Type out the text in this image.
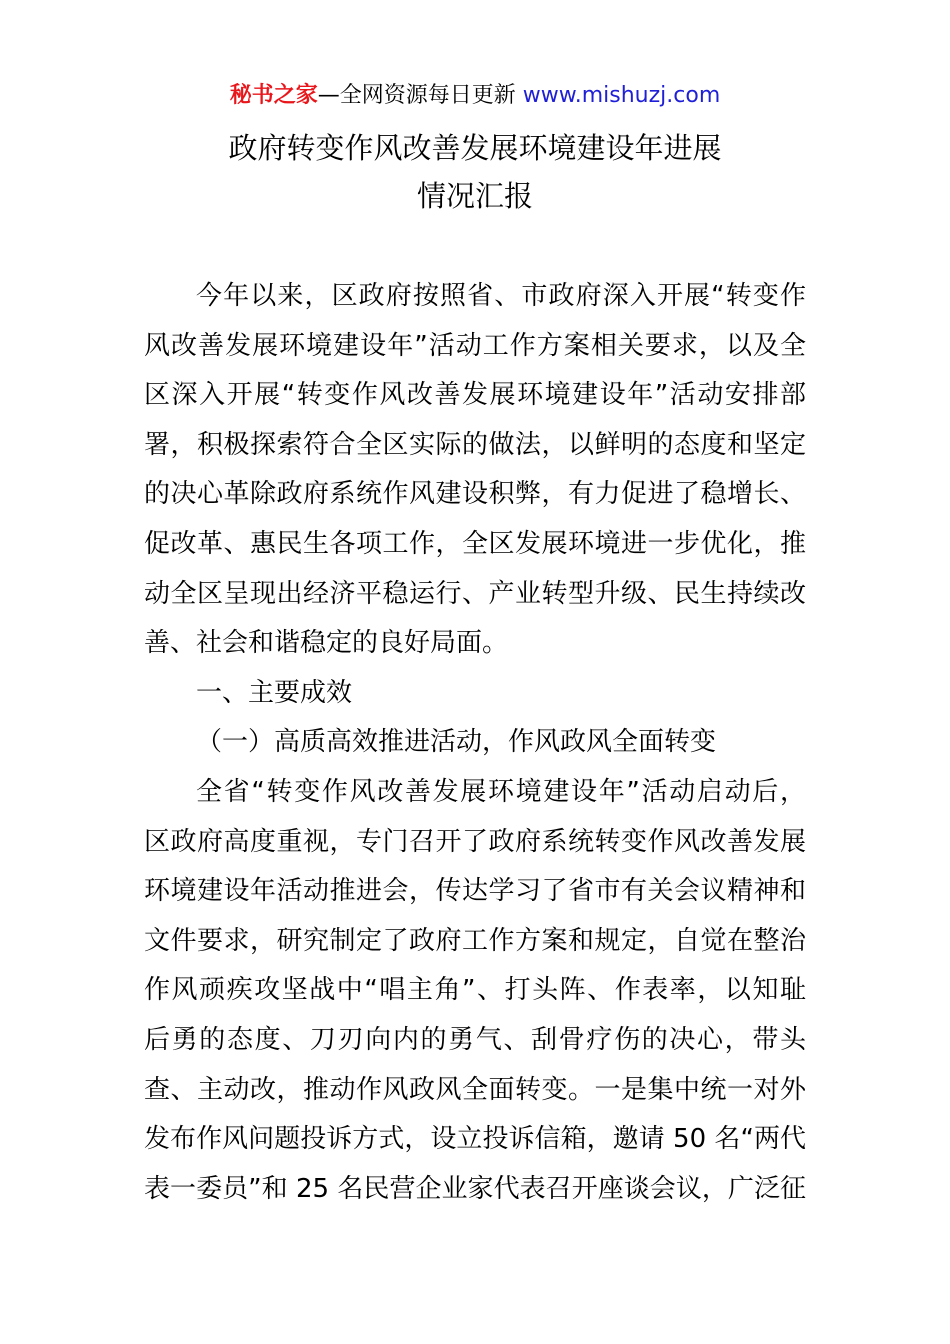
秘书之家—全网资源每日更新 www.mishuzj.com
政府转变作风改善发展环境建设年进展
情况汇报
今年以来，区政府按照省、市政府深入开展“转变作
风改善发展环境建设年”活动工作方案相关要求，以及全
区深入开展“转变作风改善发展环境建设年”活动安排部
署，积极探索符合全区实际的做法，以鲜明的态度和坚定
的决心革除政府系统作风建设积弊，有力促进了稳增长、
促改革、惠民生各项工作，全区发展环境进一步优化，推
动全区呈现出经济平稳运行、产业转型升级、民生持续改
善、社会和谐稳定的良好局面。
一、主要成效
（一）高质高效推进活动，作风政风全面转变
全省“转变作风改善发展环境建设年”活动启动后，
区政府高度重视，专门召开了政府系统转变作风改善发展
环境建设年活动推进会，传达学习了省市有关会议精神和
文件要求，研究制定了政府工作方案和规定，自觉在整治
作风顽疾攻坚战中“唱主角”、打头阵、作表率，以知耻
后勇的态度、刀刃向内的勇气、刮骨疗伤的决心，带头
查、主动改，推动作风政风全面转变。一是集中统一对外
发布作风问题投诉方式，设立投诉信箱，邀请 50 名“两代
表一委员”和 25 名民营企业家代表召开座谈会议，广泛征
